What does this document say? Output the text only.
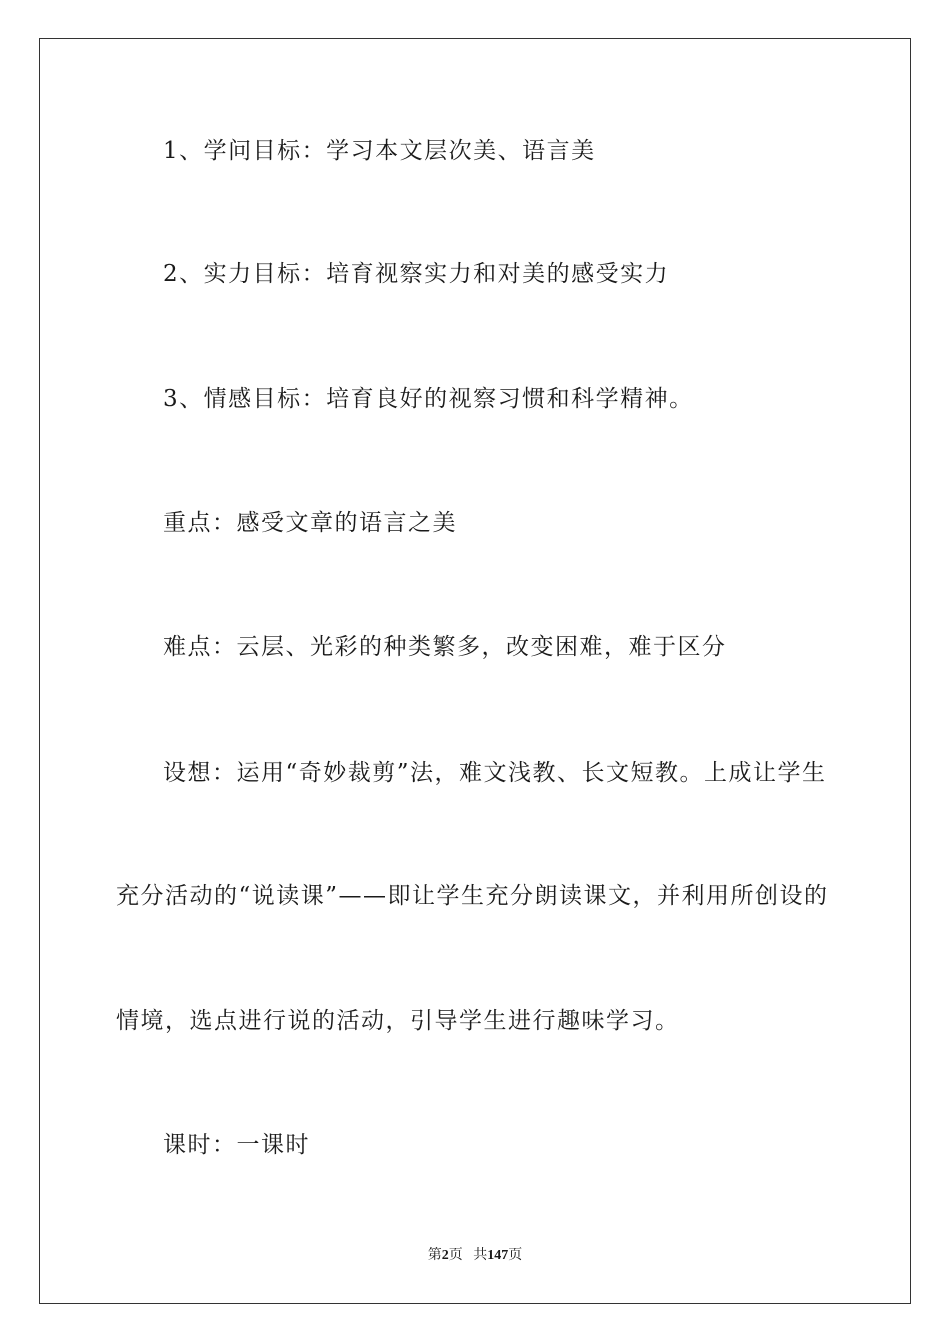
1、学问目标：学习本文层次美、语言美
2、实力目标：培育视察实力和对美的感受实力
3、情感目标：培育良好的视察习惯和科学精神。
重点：感受文章的语言之美
难点：云层、光彩的种类繁多，改变困难，难于区分
设想：运用“奇妙裁剪”法，难文浅教、长文短教。上成让学生
充分活动的“说读课”——即让学生充分朗读课文，并利用所创设的
情境，选点进行说的活动，引导学生进行趣味学习。
课时：一课时
第2页 共147页
